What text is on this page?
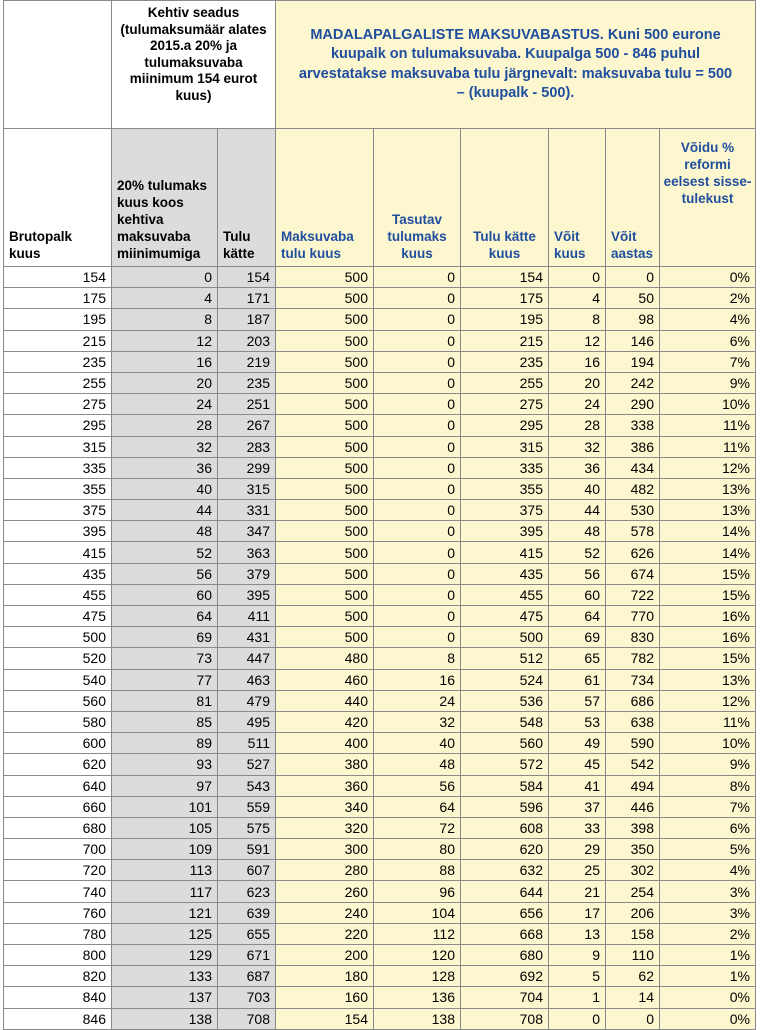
	Kehtiv seadus (tulumaksumäär alates 2015.a 20% ja tulumaksuvaba miinimum 154 eurot kuus)		MADALAPALGALISTE MAKSUVABASTUS. Kuni 500 eurone kuupalk on tulumaksuvaba. Kuupalga 500 - 846 puhul arvestatakse maksuvaba tulu järgnevalt: maksuvaba tulu = 500 – (kuupalk - 500).					
Brutopalk kuus	20% tulumaks kuus koos kehtiva maksuvaba miinimumiga	Tulu kätte	Maksuvaba tulu kuus	Tasutav tulumaks kuus	Tulu kätte kuus	Võit kuus	Võit aastas	Võidu % reformi eelsest sisse-tulekust
154	0	154	500	0	154	0	0	0%
175	4	171	500	0	175	4	50	2%
195	8	187	500	0	195	8	98	4%
215	12	203	500	0	215	12	146	6%
235	16	219	500	0	235	16	194	7%
255	20	235	500	0	255	20	242	9%
275	24	251	500	0	275	24	290	10%
295	28	267	500	0	295	28	338	11%
315	32	283	500	0	315	32	386	11%
335	36	299	500	0	335	36	434	12%
355	40	315	500	0	355	40	482	13%
375	44	331	500	0	375	44	530	13%
395	48	347	500	0	395	48	578	14%
415	52	363	500	0	415	52	626	14%
435	56	379	500	0	435	56	674	15%
455	60	395	500	0	455	60	722	15%
475	64	411	500	0	475	64	770	16%
500	69	431	500	0	500	69	830	16%
520	73	447	480	8	512	65	782	15%
540	77	463	460	16	524	61	734	13%
560	81	479	440	24	536	57	686	12%
580	85	495	420	32	548	53	638	11%
600	89	511	400	40	560	49	590	10%
620	93	527	380	48	572	45	542	9%
640	97	543	360	56	584	41	494	8%
660	101	559	340	64	596	37	446	7%
680	105	575	320	72	608	33	398	6%
700	109	591	300	80	620	29	350	5%
720	113	607	280	88	632	25	302	4%
740	117	623	260	96	644	21	254	3%
760	121	639	240	104	656	17	206	3%
780	125	655	220	112	668	13	158	2%
800	129	671	200	120	680	9	110	1%
820	133	687	180	128	692	5	62	1%
840	137	703	160	136	704	1	14	0%
846	138	708	154	138	708	0	0	0%
